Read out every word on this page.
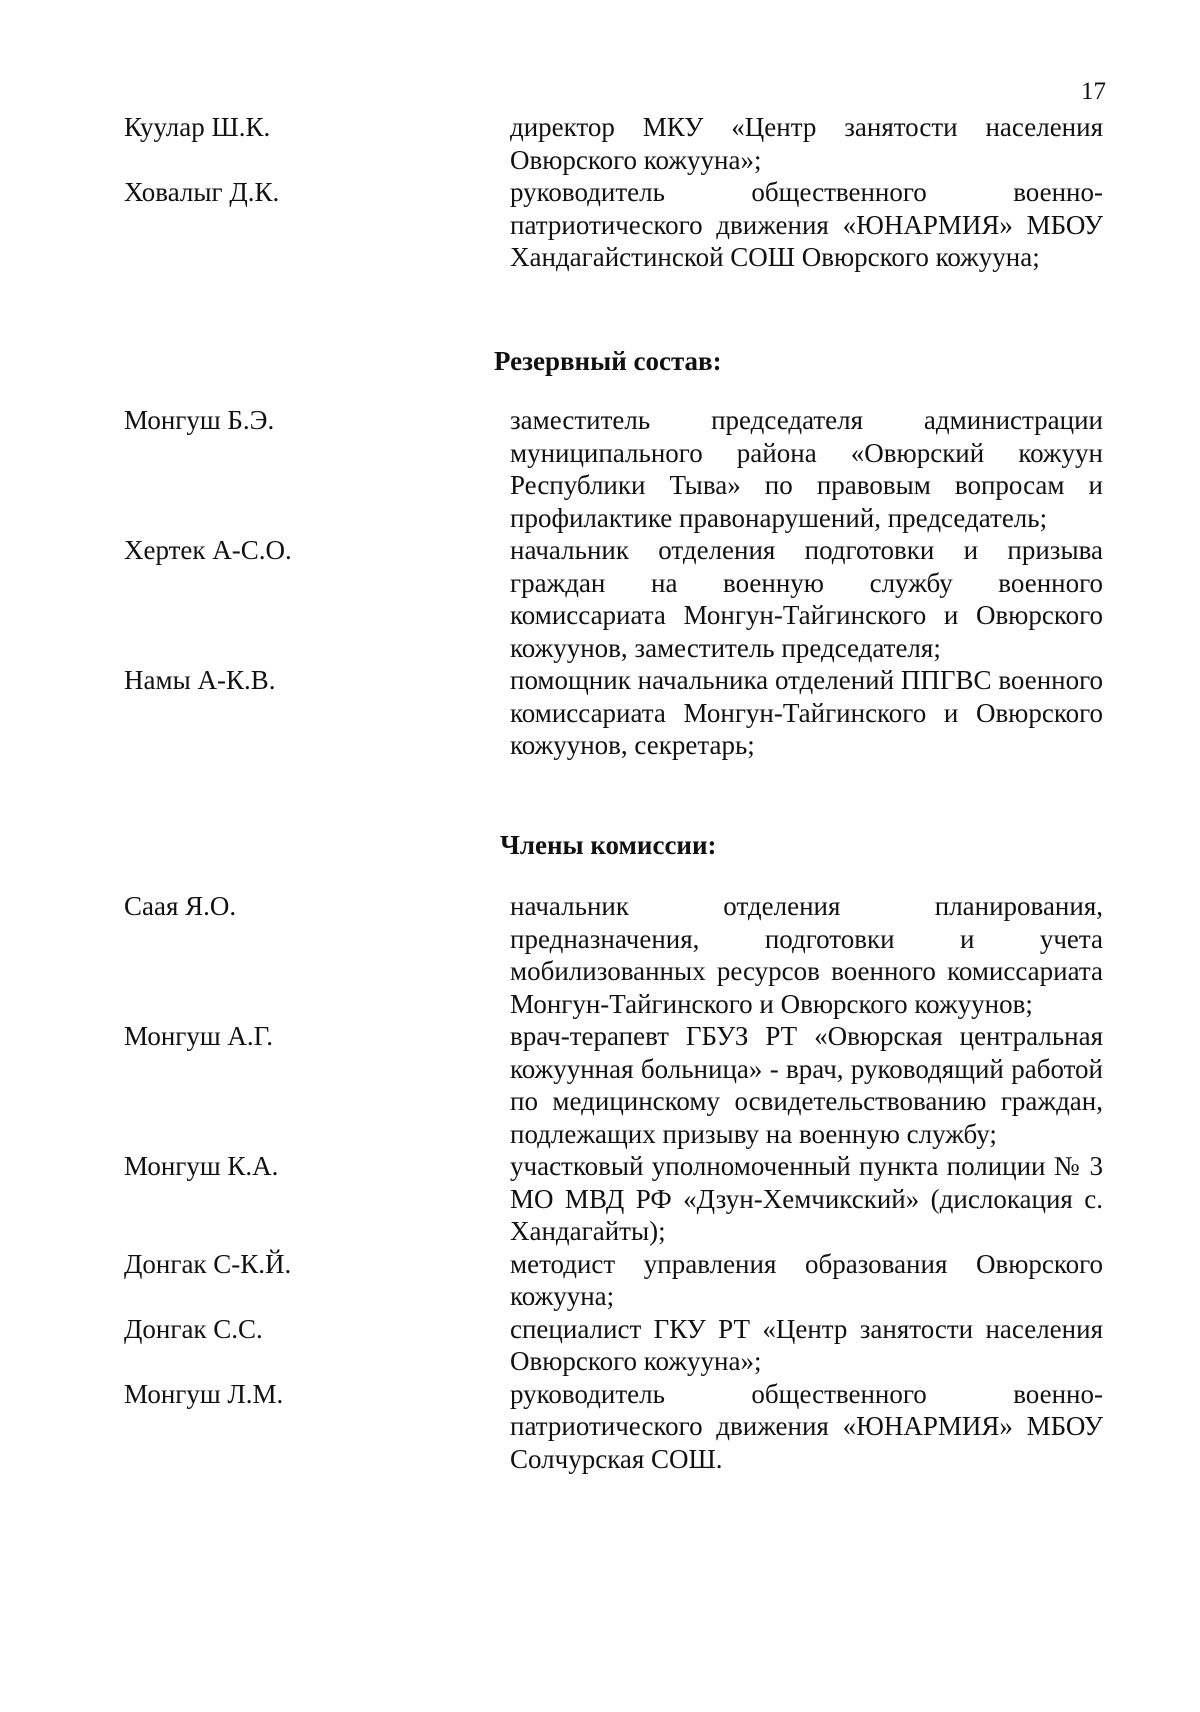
17
Куулар Ш.К.	директор МКУ «Центр занятости населения Овюрского кожууна»;
Ховалыг Д.К.	руководитель общественного военно-патриотического движения «ЮНАРМИЯ» МБОУ Хандагайстинской СОШ Овюрского кожууна;
Резервный состав:
Монгуш Б.Э.	заместитель председателя администрации муниципального района «Овюрский кожуун Республики Тыва» по правовым вопросам и профилактике правонарушений, председатель;
Хертек А-С.О.	начальник отделения подготовки и призыва граждан на военную службу военного комиссариата Монгун-Тайгинского и Овюрского кожуунов, заместитель председателя;
Намы А-К.В.	помощник начальника отделений ППГВС военного комиссариата Монгун-Тайгинского и Овюрского кожуунов, секретарь;
Члены комиссии:
Саая Я.О.	начальник отделения планирования, предназначения, подготовки и учета мобилизованных ресурсов военного комиссариата Монгун-Тайгинского и Овюрского кожуунов;
Монгуш А.Г.	врач-терапевт ГБУЗ РТ «Овюрская центральная кожуунная больница» - врач, руководящий работой по медицинскому освидетельствованию граждан, подлежащих призыву на военную службу;
Монгуш К.А.	участковый уполномоченный пункта полиции № 3 МО МВД РФ «Дзун-Хемчикский» (дислокация с. Хандагайты);
Донгак С-К.Й.	методист управления образования Овюрского кожууна;
Донгак С.С.	специалист ГКУ РТ «Центр занятости населения Овюрского кожууна»;
Монгуш Л.М.	руководитель общественного военно-патриотического движения «ЮНАРМИЯ» МБОУ Солчурская СОШ.
